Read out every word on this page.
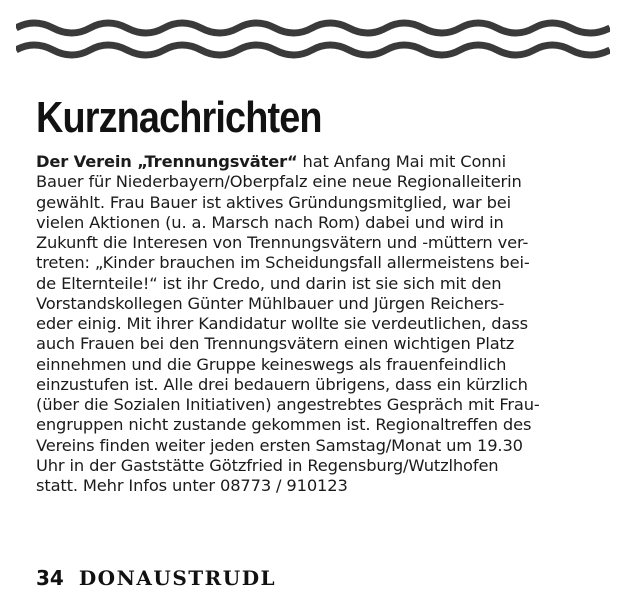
Kurznachrichten
Der Verein „Trennungsväter“ hat Anfang Mai mit Conni
Bauer für Niederbayern/Oberpfalz eine neue Regionalleiterin
gewählt. Frau Bauer ist aktives Gründungsmitglied, war bei
vielen Aktionen (u. a. Marsch nach Rom) dabei und wird in
Zukunft die Interesen von Trennungsvätern und -müttern ver-
treten: „Kinder brauchen im Scheidungsfall allermeistens bei-
de Elternteile!“ ist ihr Credo, und darin ist sie sich mit den
Vorstandskollegen Günter Mühlbauer und Jürgen Reichers-
eder einig. Mit ihrer Kandidatur wollte sie verdeutlichen, dass
auch Frauen bei den Trennungsvätern einen wichtigen Platz
einnehmen und die Gruppe keineswegs als frauenfeindlich
einzustufen ist. Alle drei bedauern übrigens, dass ein kürzlich
(über die Sozialen Initiativen) angestrebtes Gespräch mit Frau-
engruppen nicht zustande gekommen ist. Regionaltreffen des
Vereins finden weiter jeden ersten Samstag/Monat um 19.30
Uhr in der Gaststätte Götzfried in Regensburg/Wutzlhofen
statt. Mehr Infos unter 08773 / 910123
34 DONAUSTRUDL
